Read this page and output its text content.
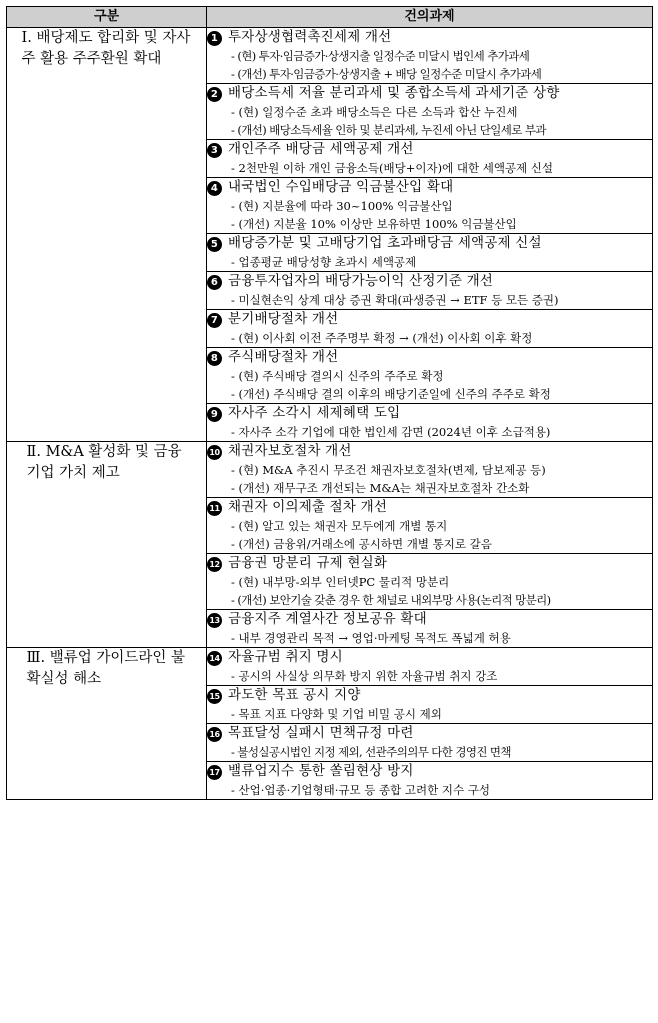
구분	건의과제
Ⅰ. 배당제도 합리화 및 자사주 활용 주주환원 확대	1 투자상생협력촉진세제 개선
- (현) 투자·임금증가·상생지출 일정수준 미달시 법인세 추가과세
- (개선) 투자·임금증가·상생지출 + 배당 일정수준 미달시 추가과세

	2 배당소득세 저율 분리과세 및 종합소득세 과세기준 상향
- (현) 일정수준 초과 배당소득은 다른 소득과 합산 누진세
- (개선) 배당소득세율 인하 및 분리과세, 누진세 아닌 단일세로 부과

	3 개인주주 배당금 세액공제 개선
- 2천만원 이하 개인 금융소득(배당+이자)에 대한 세액공제 신설

	4 내국법인 수입배당금 익금불산입 확대
- (현) 지분율에 따라 30~100% 익금불산입
- (개선) 지분율 10% 이상만 보유하면 100% 익금불산입

	5 배당증가분 및 고배당기업 초과배당금 세액공제 신설
- 업종평균 배당성향 초과시 세액공제

	6 금융투자업자의 배당가능이익 산정기준 개선
- 미실현손익 상계 대상 증권 확대(파생증권 → ETF 등 모든 증권)

	7 분기배당절차 개선
- (현) 이사회 이전 주주명부 확정 → (개선) 이사회 이후 확정

	8 주식배당절차 개선
- (현) 주식배당 결의시 신주의 주주로 확정
- (개선) 주식배당 결의 이후의 배당기준일에 신주의 주주로 확정

	9 자사주 소각시 세제혜택 도입
- 자사주 소각 기업에 대한 법인세 감면 (2024년 이후 소급적용)

Ⅱ. M&A 활성화 및 금융기업 가치 제고	10 채권자보호절차 개선
- (현) M&A 추진시 무조건 채권자보호절차(변제, 담보제공 등)
- (개선) 재무구조 개선되는 M&A는 채권자보호절차 간소화

	11 채권자 이의제출 절차 개선
- (현) 알고 있는 채권자 모두에게 개별 통지
- (개선) 금융위/거래소에 공시하면 개별 통지로 갈음

	12 금융권 망분리 규제 현실화
- (현) 내부망-외부 인터넷PC 물리적 망분리
- (개선) 보안기술 갖춘 경우 한 채널로 내외부망 사용(논리적 망분리)

	13 금융지주 계열사간 정보공유 확대
- 내부 경영관리 목적 → 영업·마케팅 목적도 폭넓게 허용

Ⅲ. 밸류업 가이드라인 불확실성 해소	14 자율규범 취지 명시
- 공시의 사실상 의무화 방지 위한 자율규범 취지 강조

	15 과도한 목표 공시 지양
- 목표 지표 다양화 및 기업 비밀 공시 제외

	16 목표달성 실패시 면책규정 마련
- 불성실공시법인 지정 제외, 선관주의의무 다한 경영진 면책

	17 밸류업지수 통한 쏠림현상 방지
- 산업·업종·기업형태·규모 등 종합 고려한 지수 구성
